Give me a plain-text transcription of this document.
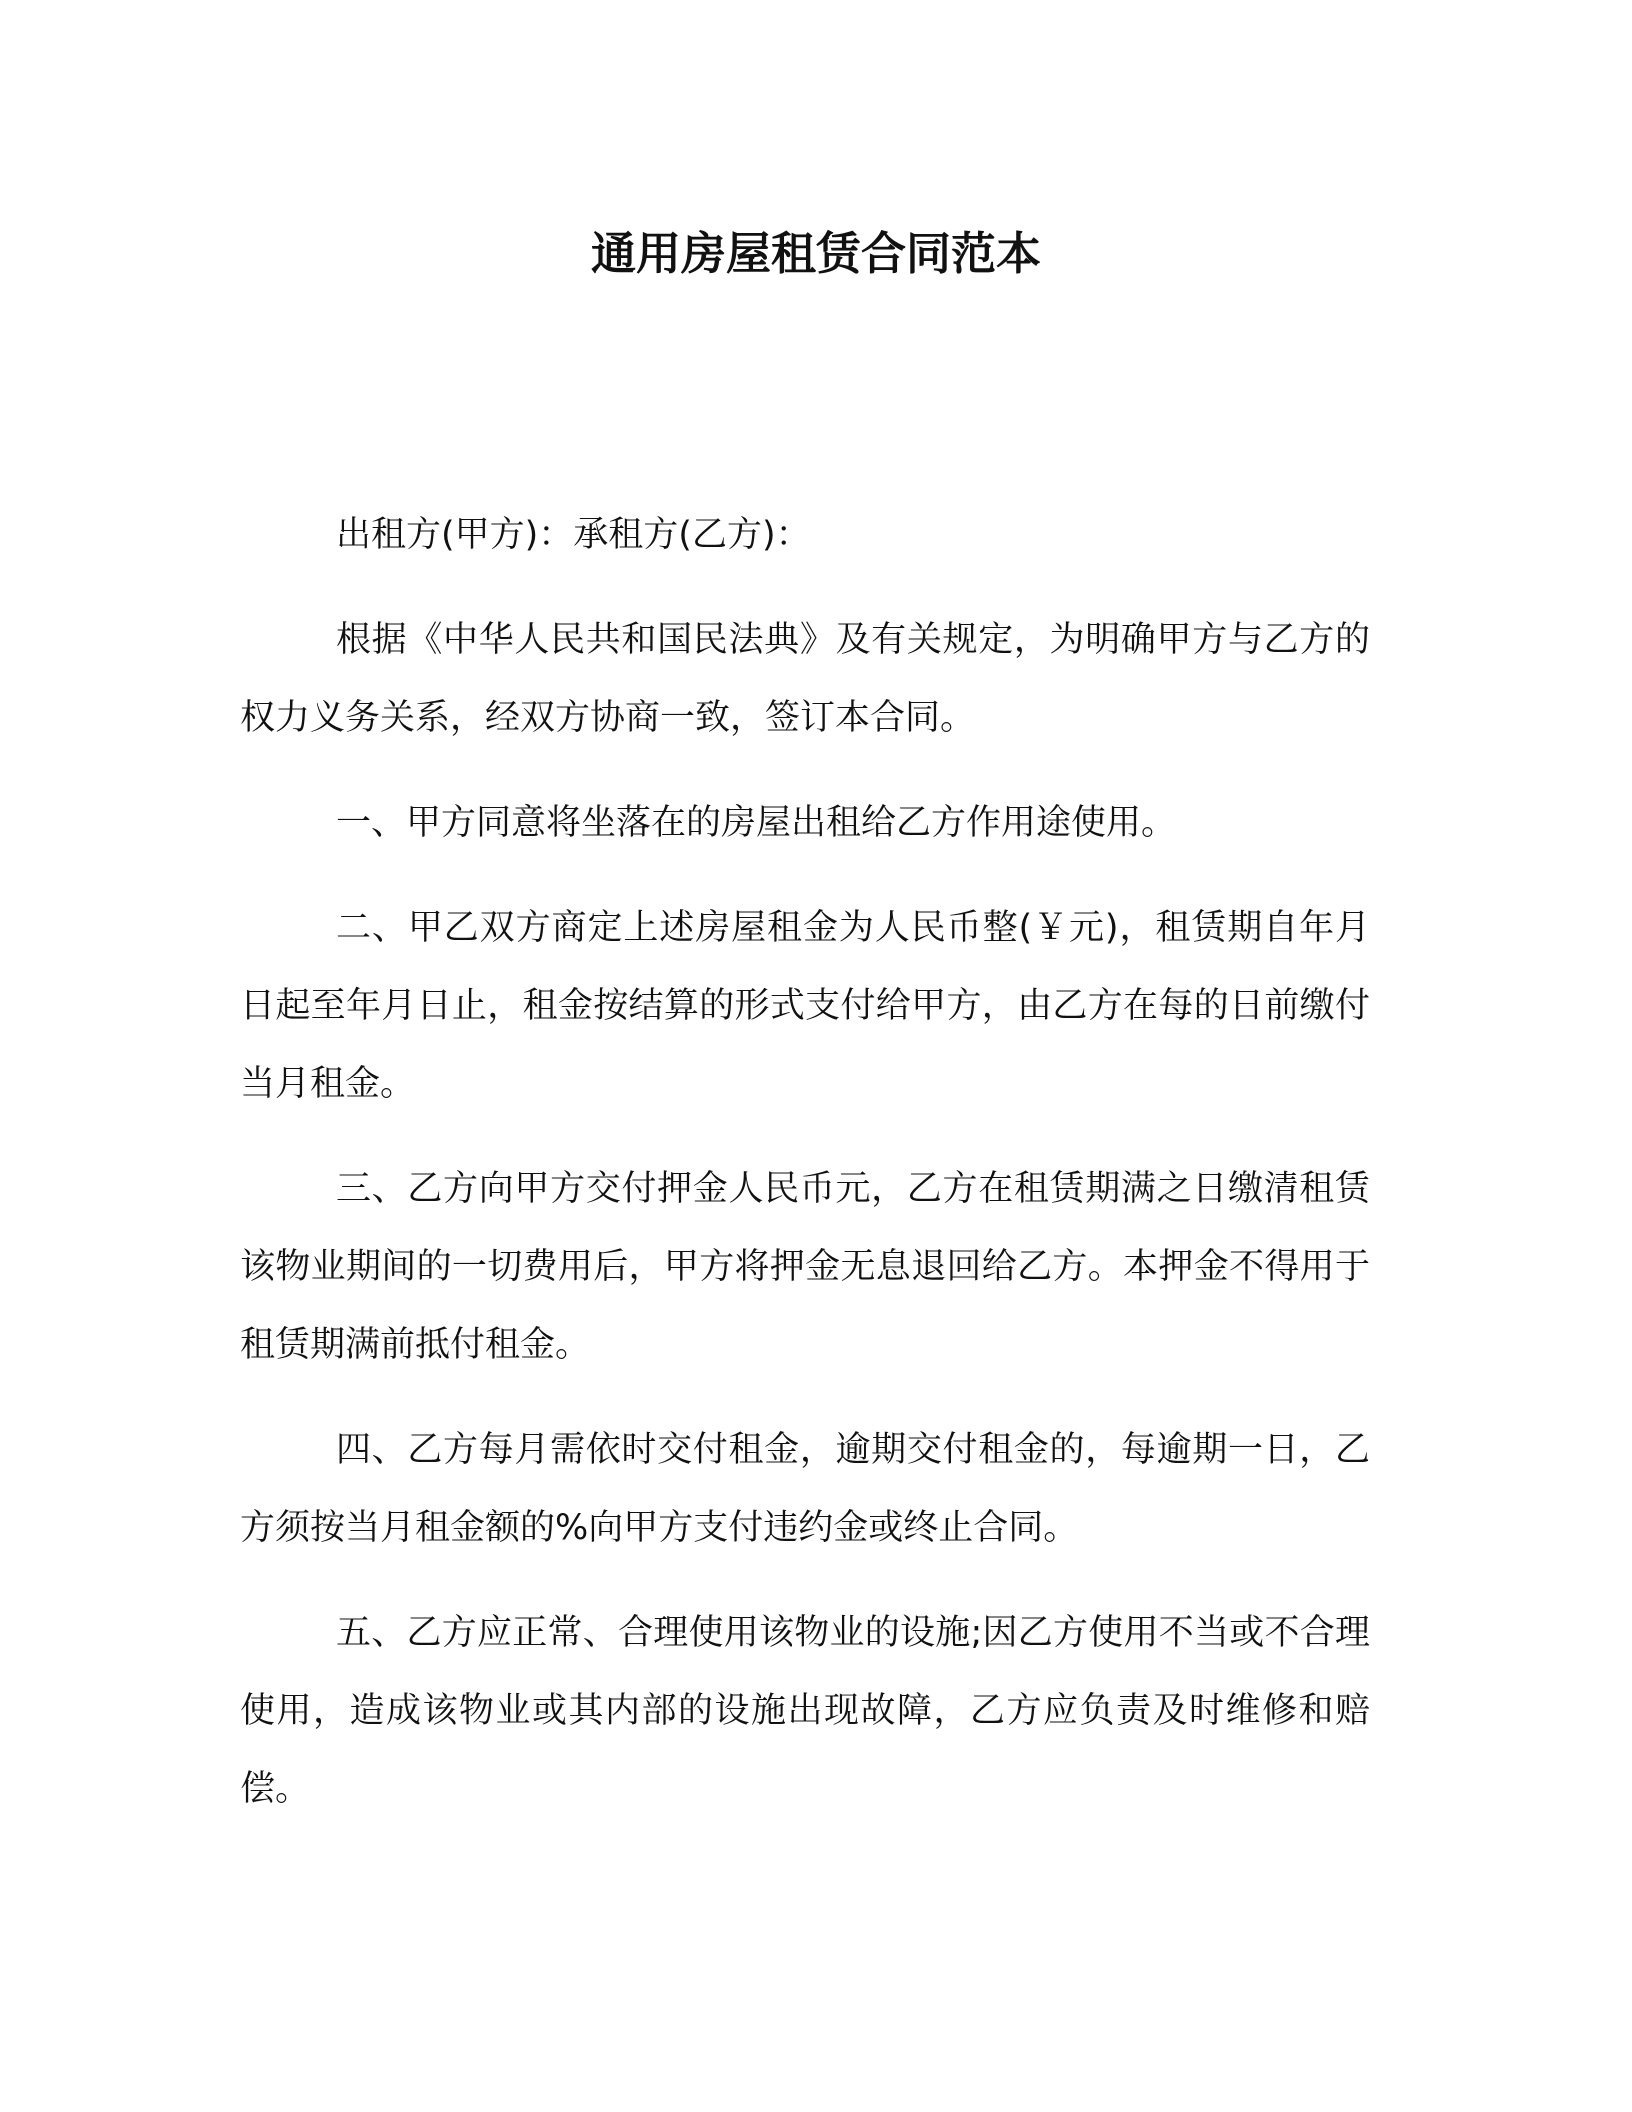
通用房屋租赁合同范本

出租方(甲方)：承租方(乙方)：

根据《中华人民共和国民法典》及有关规定，为明确甲方与乙方的权力义务关系，经双方协商一致，签订本合同。

一、甲方同意将坐落在的房屋出租给乙方作用途使用。

二、甲乙双方商定上述房屋租金为人民币整(￥元)，租赁期自年月日起至年月日止，租金按结算的形式支付给甲方，由乙方在每的日前缴付当月租金。

三、乙方向甲方交付押金人民币元，乙方在租赁期满之日缴清租赁该物业期间的一切费用后，甲方将押金无息退回给乙方。本押金不得用于租赁期满前抵付租金。

四、乙方每月需依时交付租金，逾期交付租金的，每逾期一日，乙方须按当月租金额的%向甲方支付违约金或终止合同。

五、乙方应正常、合理使用该物业的设施;因乙方使用不当或不合理使用，造成该物业或其内部的设施出现故障，乙方应负责及时维修和赔偿。
